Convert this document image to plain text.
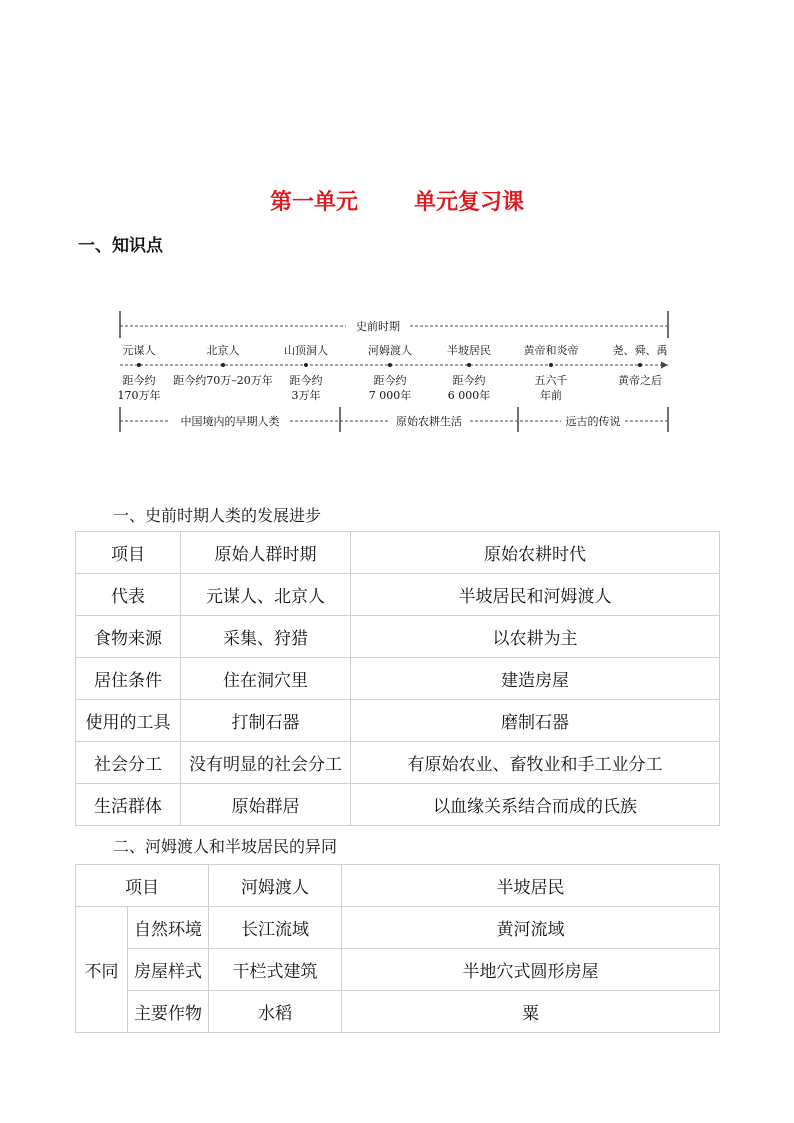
第一单元	单元复习课
一、知识点
史前时期
元谋人	北京人	山顶洞人	河姆渡人	半坡居民	黄帝和炎帝	尧、舜、禹
距今约
170万年
距今约70万–20万年 距今约
3万年
距今约
7 000年
距今约
6 000年
五六千
年前
黄帝之后
中国境内的早期人类	原始农耕生活	远古的传说
一、史前时期人类的发展进步
项目	原始人群时期	原始农耕时代
代表	元谋人、北京人	半坡居民和河姆渡人
食物来源	采集、狩猎	以农耕为主
居住条件	住在洞穴里	建造房屋
使用的工具	打制石器	磨制石器
社会分工	没有明显的社会分工	有原始农业、畜牧业和手工业分工
生活群体	原始群居	以血缘关系结合而成的氏族
二、河姆渡人和半坡居民的异同
项目		河姆渡人	半坡居民
不同	自然环境	长江流域	黄河流域
	房屋样式	干栏式建筑	半地穴式圆形房屋
	主要作物	水稻	粟
